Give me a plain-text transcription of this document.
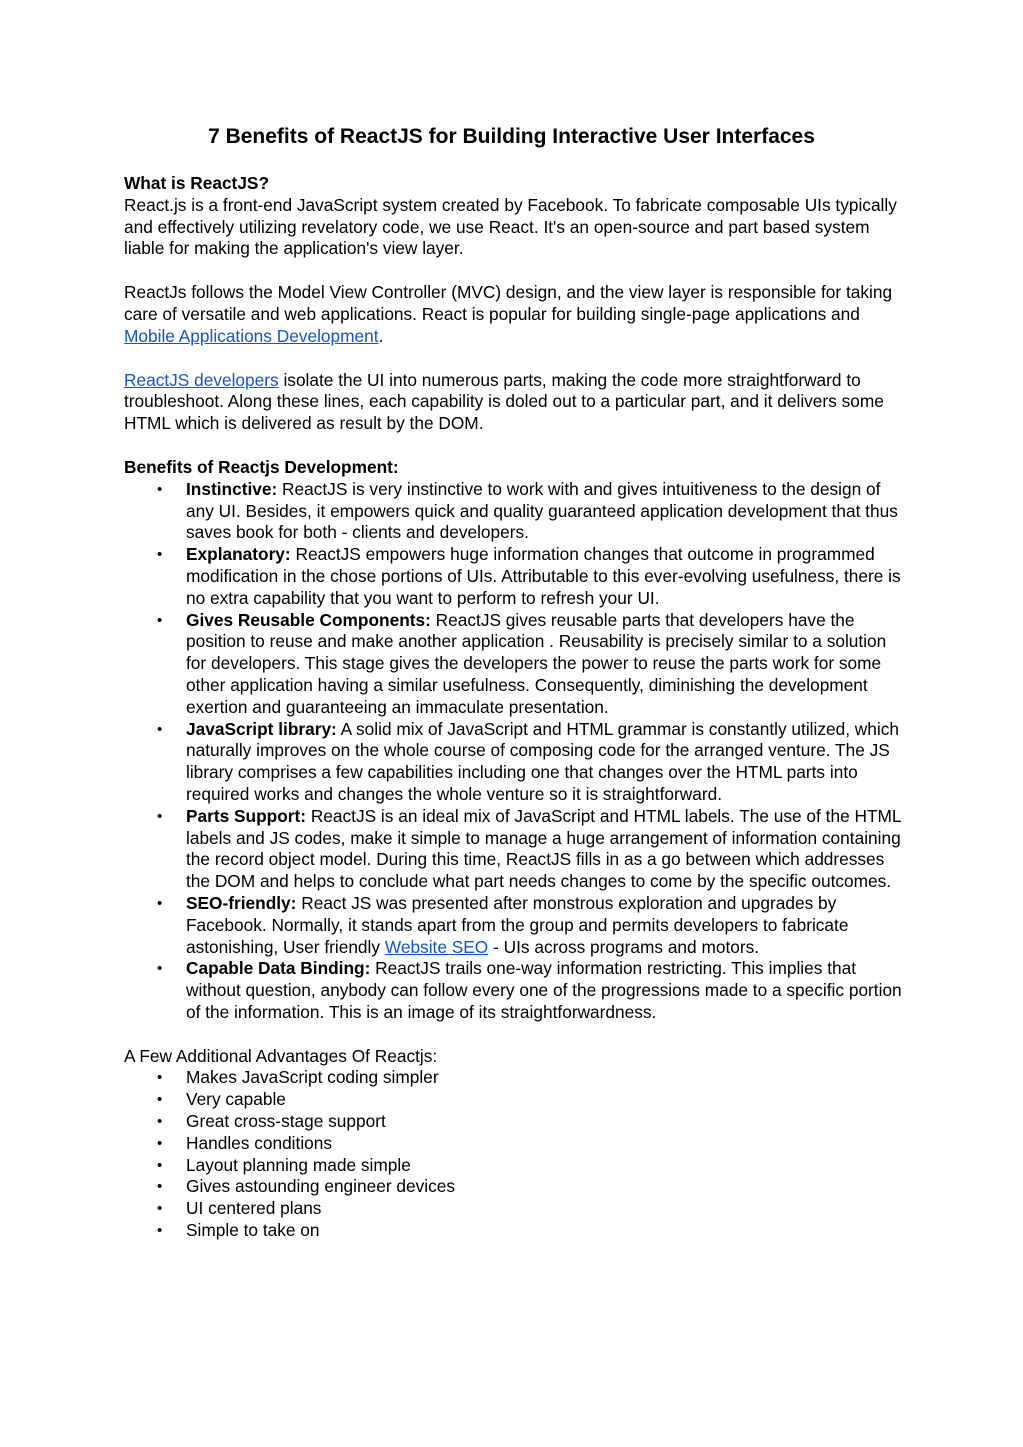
7 Benefits of ReactJS for Building Interactive User Interfaces

What is ReactJS?

React.js is a front-end JavaScript system created by Facebook. To fabricate composable UIs typically and effectively utilizing revelatory code, we use React. It's an open-source and part based system liable for making the application's view layer.

ReactJs follows the Model View Controller (MVC) design, and the view layer is responsible for taking care of versatile and web applications. React is popular for building single-page applications and Mobile Applications Development.

ReactJS developers isolate the UI into numerous parts, making the code more straightforward to troubleshoot. Along these lines, each capability is doled out to a particular part, and it delivers some HTML which is delivered as result by the DOM.

Benefits of Reactjs Development:

• Instinctive: ReactJS is very instinctive to work with and gives intuitiveness to the design of any UI. Besides, it empowers quick and quality guaranteed application development that thus saves book for both - clients and developers.
• Explanatory: ReactJS empowers huge information changes that outcome in programmed modification in the chose portions of UIs. Attributable to this ever-evolving usefulness, there is no extra capability that you want to perform to refresh your UI.
• Gives Reusable Components: ReactJS gives reusable parts that developers have the position to reuse and make another application . Reusability is precisely similar to a solution for developers. This stage gives the developers the power to reuse the parts work for some other application having a similar usefulness. Consequently, diminishing the development exertion and guaranteeing an immaculate presentation.
• JavaScript library: A solid mix of JavaScript and HTML grammar is constantly utilized, which naturally improves on the whole course of composing code for the arranged venture. The JS library comprises a few capabilities including one that changes over the HTML parts into required works and changes the whole venture so it is straightforward.
• Parts Support: ReactJS is an ideal mix of JavaScript and HTML labels. The use of the HTML labels and JS codes, make it simple to manage a huge arrangement of information containing the record object model. During this time, ReactJS fills in as a go between which addresses the DOM and helps to conclude what part needs changes to come by the specific outcomes.
• SEO-friendly: React JS was presented after monstrous exploration and upgrades by Facebook. Normally, it stands apart from the group and permits developers to fabricate astonishing, User friendly Website SEO - UIs across programs and motors.
• Capable Data Binding: ReactJS trails one-way information restricting. This implies that without question, anybody can follow every one of the progressions made to a specific portion of the information. This is an image of its straightforwardness.

A Few Additional Advantages Of Reactjs:

• Makes JavaScript coding simpler
• Very capable
• Great cross-stage support
• Handles conditions
• Layout planning made simple
• Gives astounding engineer devices
• UI centered plans
• Simple to take on
